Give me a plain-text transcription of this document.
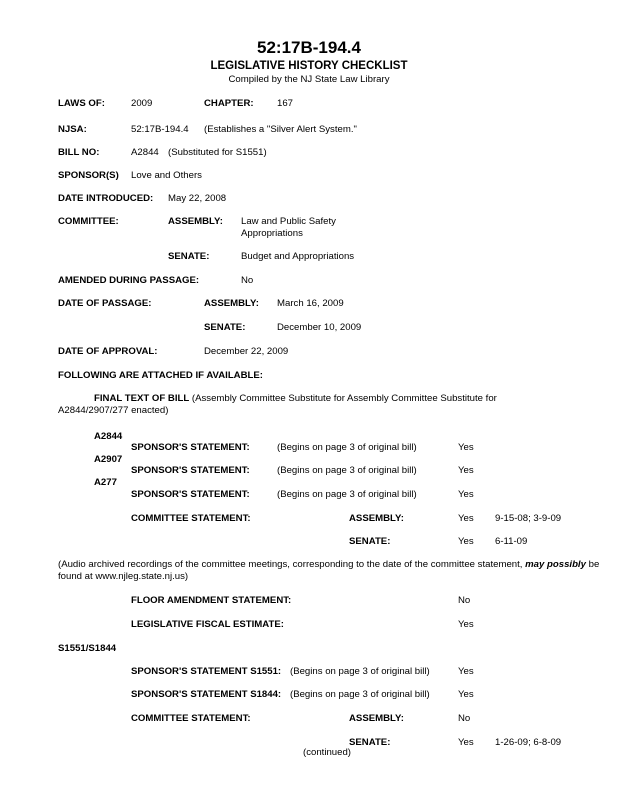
52:17B-194.4
LEGISLATIVE HISTORY CHECKLIST
Compiled by the NJ State Law Library
LAWS OF:	2009	CHAPTER: 167
NJSA:	52:17B-194.4 (Establishes a "Silver Alert System."
BILL NO:	A2844 (Substituted for S1551)
SPONSOR(S) Love and Others
DATE INTRODUCED: May 22, 2008
COMMITTEE:	ASSEMBLY: Law and Public Safety
Appropriations
SENATE:	Budget and Appropriations
AMENDED DURING PASSAGE:	No
DATE OF PASSAGE:	ASSEMBLY: March 16, 2009
SENATE:	December 10, 2009
DATE OF APPROVAL:	December 22, 2009
FOLLOWING ARE ATTACHED IF AVAILABLE:
FINAL TEXT OF BILL (Assembly Committee Substitute for Assembly Committee Substitute for A2844/2907/277 enacted)
A2844
SPONSOR'S STATEMENT:	(Begins on page 3 of original bill)	Yes
A2907
SPONSOR'S STATEMENT:	(Begins on page 3 of original bill)	Yes
A277
SPONSOR'S STATEMENT:	(Begins on page 3 of original bill)	Yes
COMMITTEE STATEMENT:	ASSEMBLY:	Yes 9-15-08; 3-9-09
SENATE:	Yes 6-11-09
(Audio archived recordings of the committee meetings, corresponding to the date of the committee statement, may possibly be found at www.njleg.state.nj.us)
FLOOR AMENDMENT STATEMENT:	No
LEGISLATIVE FISCAL ESTIMATE:	Yes
S1551/S1844
SPONSOR'S STATEMENT S1551: (Begins on page 3 of original bill)	Yes
SPONSOR'S STATEMENT S1844: (Begins on page 3 of original bill)	Yes
COMMITTEE STATEMENT:	ASSEMBLY:	No
SENATE:	Yes 1-26-09; 6-8-09
(continued)
